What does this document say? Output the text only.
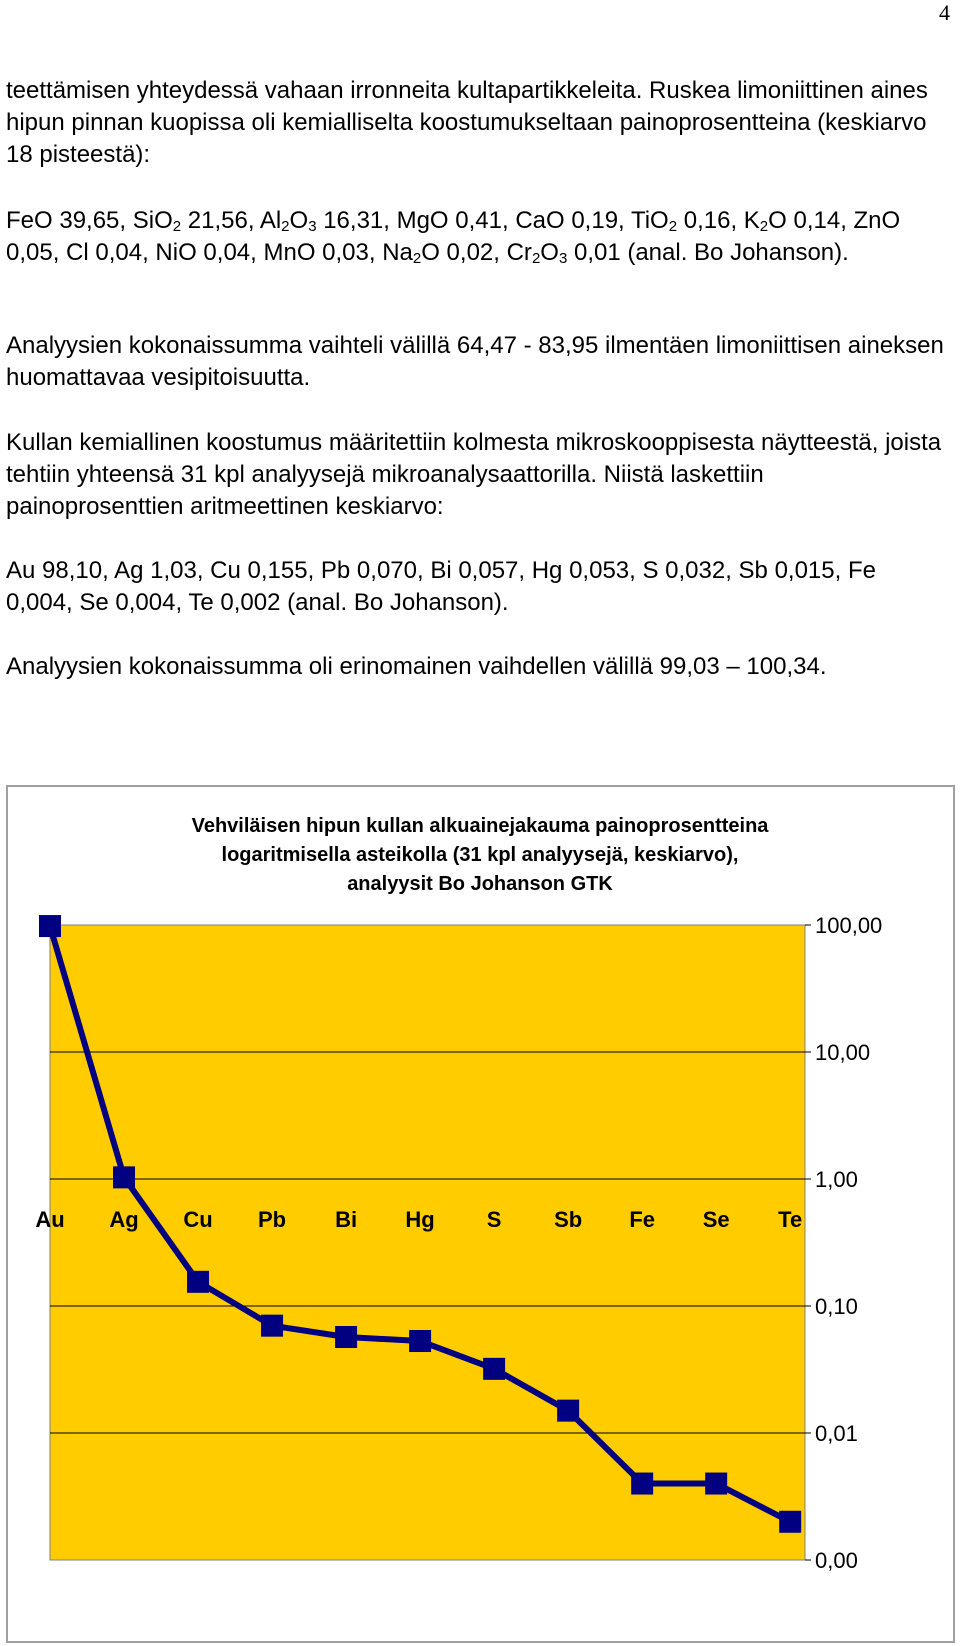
4

teettämisen yhteydessä vahaan irronneita kultapartikkeleita. Ruskea limoniittinen aines hipun pinnan kuopissa oli kemialliselta koostumukseltaan painoprosentteina (keskiarvo 18 pisteestä):

FeO 39,65, SiO$_2$ 21,56, $Al_2O_3$ 16,31, MgO 0,41, CaO 0,19, TiO$_2$ 0,16, $K_2O$ 0,14, ZnO 0,05, Cl 0,04, NiO 0,04, MnO 0,03, $Na_2O$ 0,02, $Cr_2O_3$ 0,01 (anal. Bo Johanson).

Analyysien kokonaissumma vaihteli välillä 64,47 - 83,95 ilmentäen limoniittisen aineksen huomattavaa vesipitoisuutta.

Kullan kemiallinen koostumus määritettiin kolmesta mikroskooppisesta näytteestä, joista tehtiin yhteensä 31 kpl analyysejä mikroanalysaattorilla. Niistä laskettiin painoprosenttien aritmeettinen keskiarvo:

Au 98,10, Ag 1,03, Cu 0,155, Pb 0,070, Bi 0,057, Hg 0,053, S 0,032, Sb 0,015, Fe 0,004, Se 0,004, Te 0,002 (anal. Bo Johanson).

Analyysien kokonaissumma oli erinomainen vaihdellen välillä 99,03 – 100,34.

100,00
10,00
1,00
0,10
0,01
0,00
Au Ag Cu Pb Bi Hg S Sb Fe Se Te

Vehviläisen hipun kullan alkuainejakauma painoprosentteina

logaritmisella asteikolla (31 kpl analyysejä, keskiarvo),

analyysit Bo Johanson GTK
